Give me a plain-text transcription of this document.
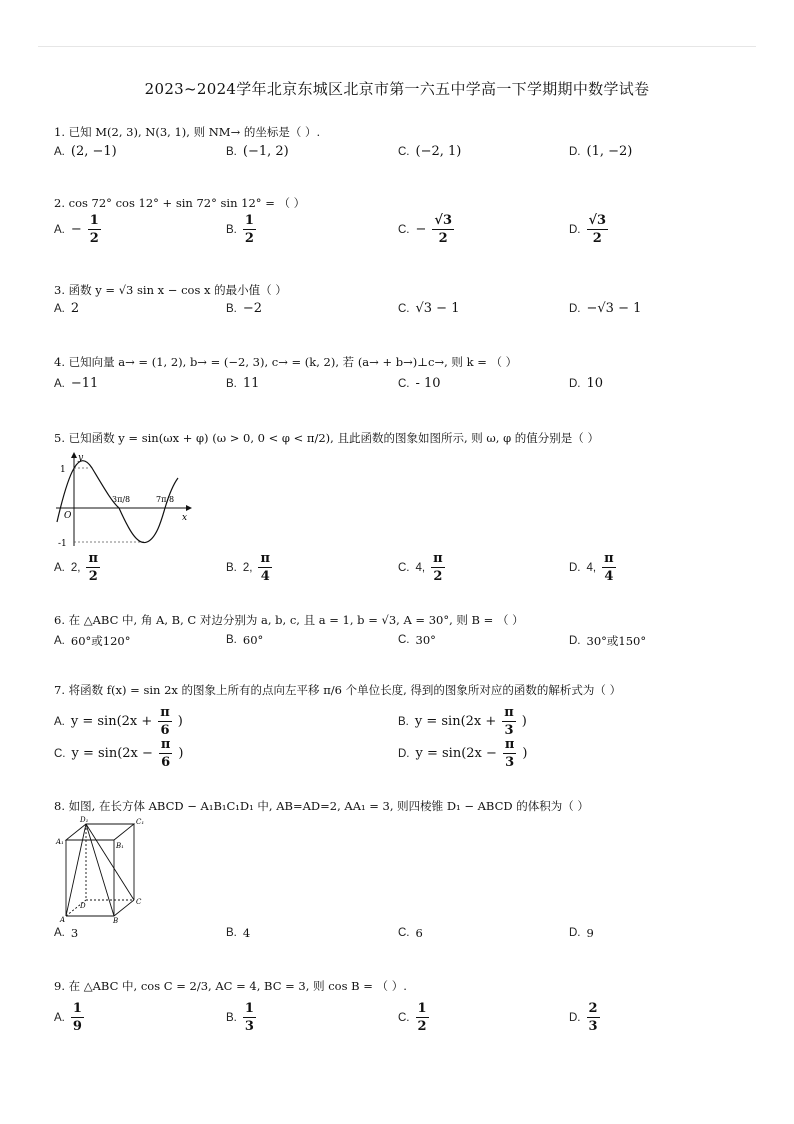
2023~2024学年北京东城区北京市第一六五中学高一下学期期中数学试卷
1. 已知 M(2, 3), N(3, 1), 则 NM→ 的坐标是（ ）.
A. (2, −1)	B. (−1, 2)	C. (−2, 1)	D. (1, −2)
2. cos 72° cos 12° + sin 72° sin 12° = （ ）
A. − $\frac{1}{2}$	B. $\frac{1}{2}$	C. − $\frac{√3}{2}$	D. $\frac{√3}{2}$
3. 函数 y = √3 sin x − cos x 的最小值（ ）
A. 2	B. −2	C. √3 − 1	D. −√3 − 1
4. 已知向量 a→ = (1, 2), b→ = (−2, 3), c→ = (k, 2), 若 (a→ + b→)⊥c→, 则 k = （ ）
A. −11	B. 11	C. - 10	D. 10
5. 已知函数 y = sin(ωx + φ) (ω > 0, 0 < φ < π/2), 且此函数的图象如图所示, 则 ω, φ 的值分别是（ ）
1
-1
O	x
y
3π/8	7π/8
A. 2, $\frac{\pi}{2}$	B. 2, $\frac{\pi}{4}$	C. 4, $\frac{\pi}{2}$	D. 4, $\frac{\pi}{4}$
6. 在 △ABC 中, 角 A, B, C 对边分别为 a, b, c, 且 a = 1, b = √3, A = 30°, 则 B = （ ）
A. 60°或120°	B. 60°	C. 30°	D. 30°或150°
7. 将函数 f(x) = sin 2x 的图象上所有的点向左平移 π/6 个单位长度, 得到的图象所对应的函数的解析式为（ ）
A. $y = \sin(2x + \frac{\pi}{6}$ )	B. $y = \sin(2x + \frac{\pi}{3}$ )
C. $y = \sin(2x - \frac{\pi}{6}$ )	D. $y = \sin(2x - \frac{\pi}{3}$ )
8. 如图, 在长方体 ABCD − A₁B₁C₁D₁ 中, AB=AD=2, AA₁ = 3, 则四棱锥 D₁ − ABCD 的体积为（ ）
D₁	C₁
A₁	B₁
D	C
A	B
A. 3	B. 4	C. 6	D. 9
9. 在 △ABC 中, cos C = 2/3, AC = 4, BC = 3, 则 cos B = （ ）.
A. $\frac{1}{9}$	B. $\frac{1}{3}$	C. $\frac{1}{2}$	D. $\frac{2}{3}$
